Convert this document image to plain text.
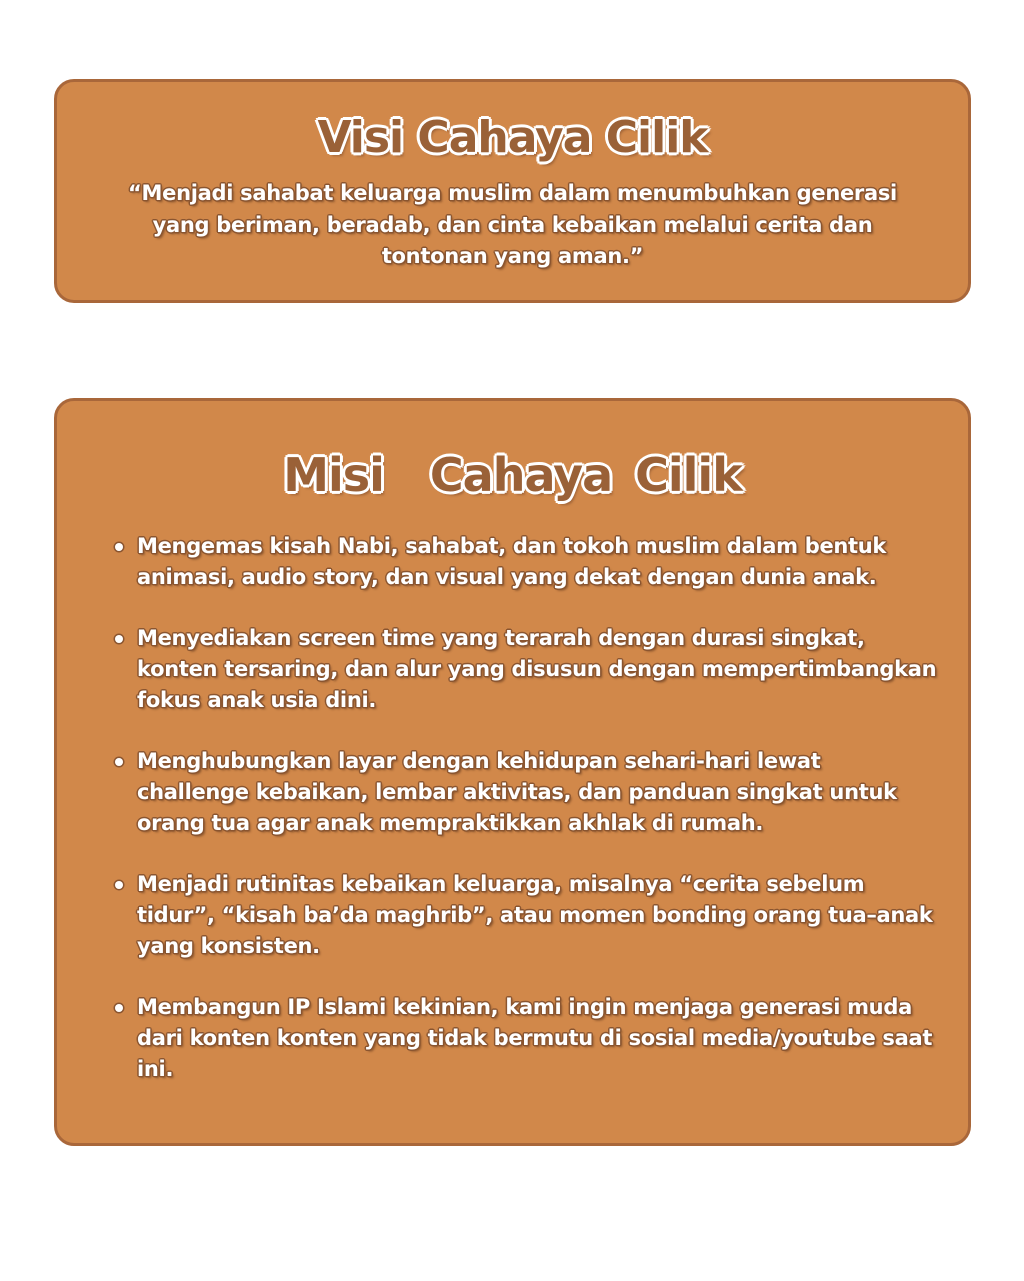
Visi Cahaya Cilik
“Menjadi sahabat keluarga muslim dalam menumbuhkan generasi yang beriman, beradab, dan cinta kebaikan melalui cerita dan tontonan yang aman.”
Misi  Cahaya Cilik
Mengemas kisah Nabi, sahabat, dan tokoh muslim dalam bentuk animasi, audio story, dan visual yang dekat dengan dunia anak.
Menyediakan screen time yang terarah dengan durasi singkat, konten tersaring, dan alur yang disusun dengan mempertimbangkan fokus anak usia dini.
Menghubungkan layar dengan kehidupan sehari-hari lewat challenge kebaikan, lembar aktivitas, dan panduan singkat untuk orang tua agar anak mempraktikkan akhlak di rumah.
Menjadi rutinitas kebaikan keluarga, misalnya “cerita sebelum tidur”, “kisah ba’da maghrib”, atau momen bonding orang tua–anak yang konsisten.
Membangun IP Islami kekinian, kami ingin menjaga generasi muda dari konten konten yang tidak bermutu di sosial media/youtube saat ini.
